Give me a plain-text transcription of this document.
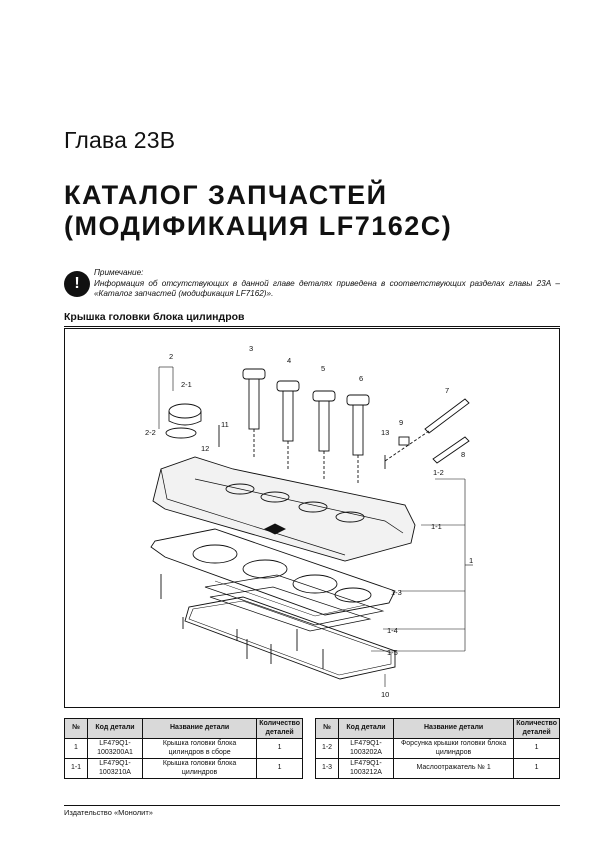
Глава 23В
КАТАЛОГ ЗАПЧАСТЕЙ
(МОДИФИКАЦИЯ LF7162С)
!
Примечание:
Информация об отсутствующих в данной главе деталях приведена в соответствующих разделах главы 23А – «Каталог запчастей (модификация LF7162)».
Крышка головки блока цилиндров
2
2-1
2-2
3
4
5
6
7
8
9
11
12
13
1-2
1-1
1
1-3
1-4
1-5
10
№	Код детали	Название детали	Количество деталей
1	LF479Q1-1003200A1	Крышка головки блока цилиндров в сборе	1
1-1	LF479Q1-1003210A	Крышка головки блока цилиндров	1
№	Код детали	Название детали	Количество деталей
1-2	LF479Q1-1003202A	Форсунка крышки головки блока цилиндров	1
1-3	LF479Q1-1003212A	Маслоотражатель № 1	1
Издательство «Монолит»
